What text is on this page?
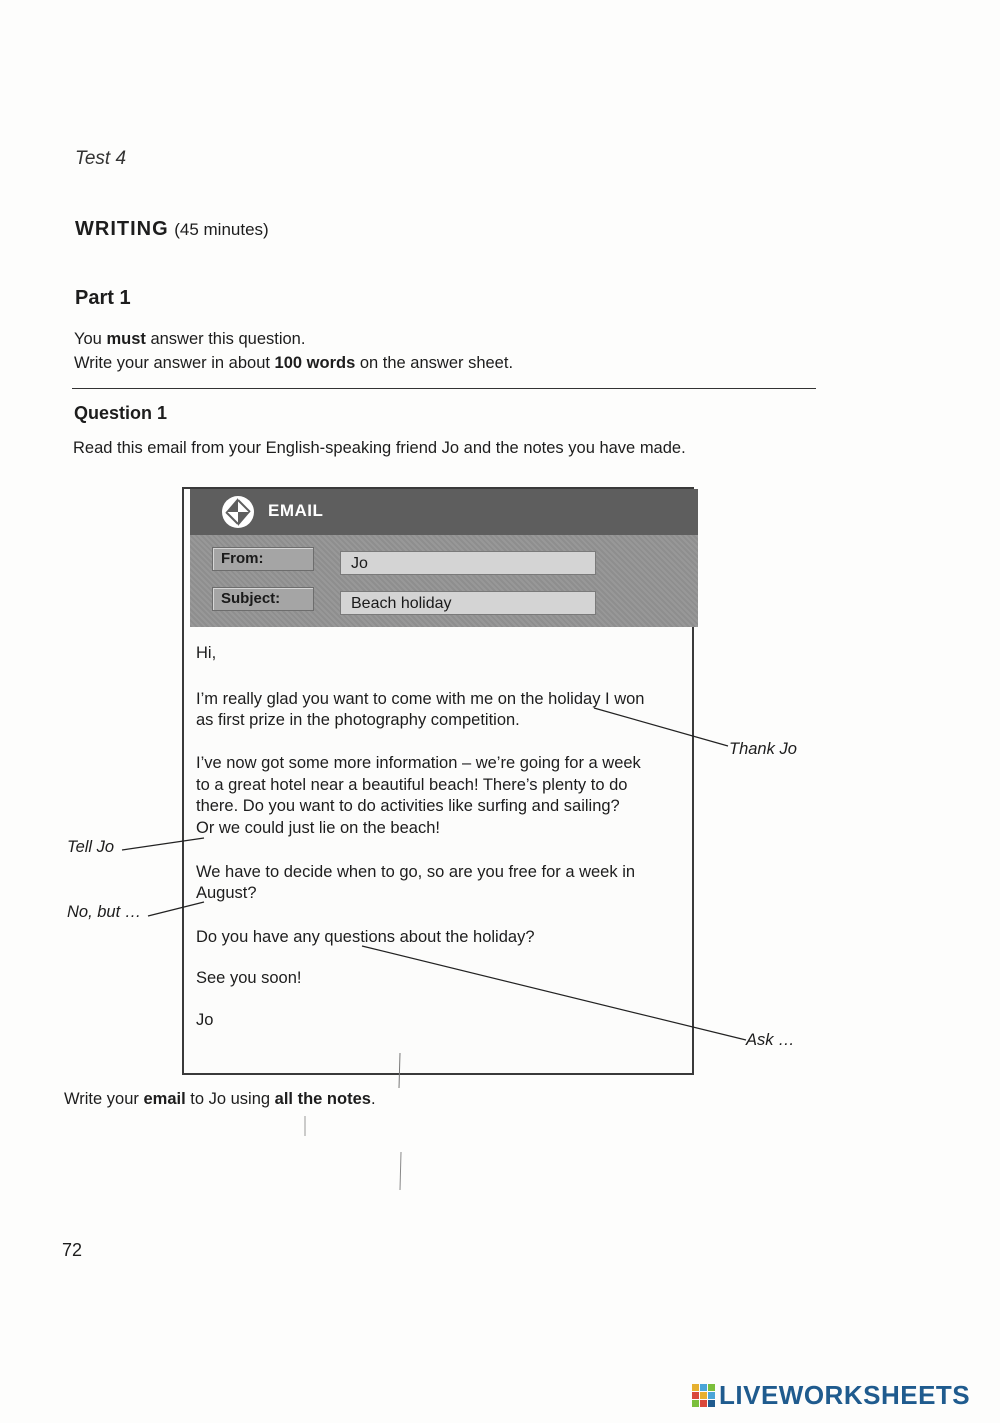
Test 4
WRITING (45 minutes)
Part 1
You must answer this question.
Write your answer in about 100 words on the answer sheet.
Question 1
Read this email from your English-speaking friend Jo and the notes you have made.
EMAIL
From:	Jo
Subject:	Beach holiday

Hi,

I’m really glad you want to come with me on the holiday I won

as first prize in the photography competition.

I’ve now got some more information – we’re going for a week

to a great hotel near a beautiful beach! There’s plenty to do

there. Do you want to do activities like surfing and sailing?

Or we could just lie on the beach!

We have to decide when to go, so are you free for a week in

August?

Do you have any questions about the holiday?

See you soon!

Jo

Thank Jo
Tell Jo
No, but …
Ask …
Write your email to Jo using all the notes.
72
LIVEWORKSHEETS
